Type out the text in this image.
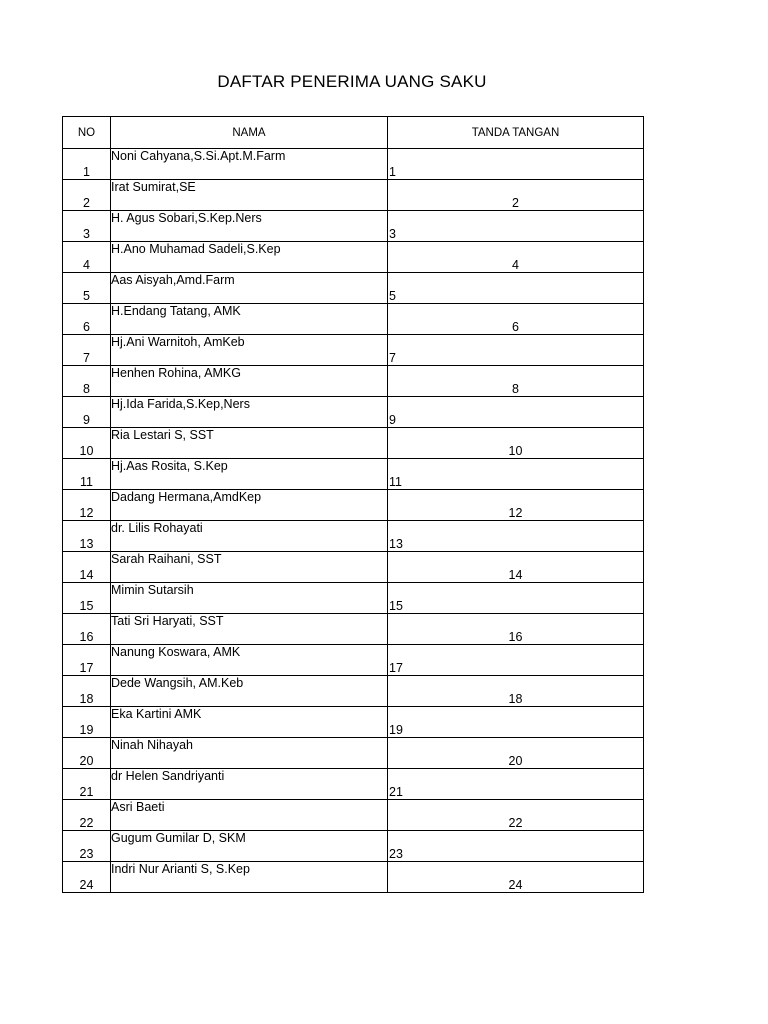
DAFTAR PENERIMA UANG SAKU
NO	NAMA	TANDA TANGAN
1	Noni Cahyana,S.Si.Apt.M.Farm	1
2	Irat Sumirat,SE	2
3	H. Agus Sobari,S.Kep.Ners	3
4	H.Ano Muhamad Sadeli,S.Kep	4
5	Aas Aisyah,Amd.Farm	5
6	H.Endang Tatang, AMK	6
7	Hj.Ani Warnitoh, AmKeb	7
8	Henhen Rohina, AMKG	8
9	Hj.Ida Farida,S.Kep,Ners	9
10	Ria Lestari S, SST	10
11	Hj.Aas Rosita, S.Kep	11
12	Dadang Hermana,AmdKep	12
13	dr. Lilis Rohayati	13
14	Sarah Raihani, SST	14
15	Mimin Sutarsih	15
16	Tati Sri Haryati, SST	16
17	Nanung Koswara, AMK	17
18	Dede Wangsih, AM.Keb	18
19	Eka Kartini AMK	19
20	Ninah Nihayah	20
21	dr Helen Sandriyanti	21
22	Asri Baeti	22
23	Gugum Gumilar D, SKM	23
24	Indri Nur Arianti S, S.Kep	24
